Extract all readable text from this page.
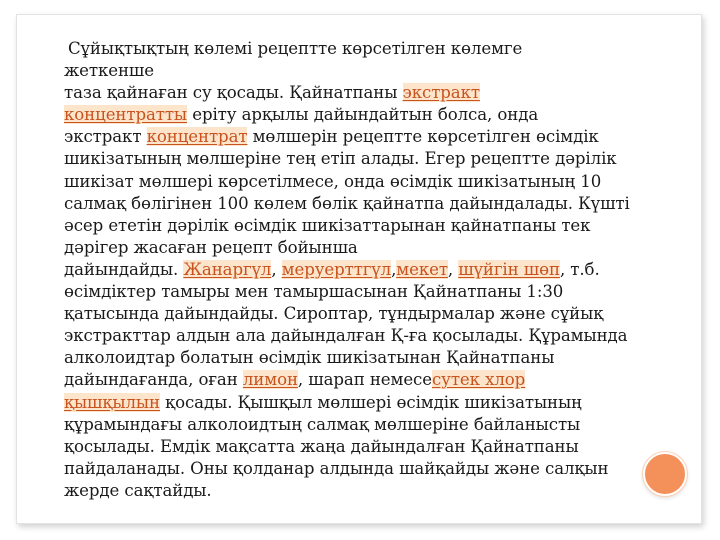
Сұйықтықтың көлемі рецептте көрсетілген көлемге жеткенше
таза қайнаған су қосады. Қайнатпаны экстракт
концентратты еріту арқылы дайындайтын болса, онда
экстракт концентрат мөлшерін рецептте көрсетілген өсімдік
шикізатының мөлшеріне тең етіп алады. Егер рецептте дәрілік
шикізат мөлшері көрсетілмесе, онда өсімдік шикізатының 10
салмақ бөлігінен 100 көлем бөлік қайнатпа дайындалады. Күшті
әсер ететін дәрілік өсімдік шикізаттарынан қайнатпаны тек
дәрігер жасаған рецепт бойынша
дайындайды. Жанаргүл, меруерттгүл,мекет, шүйгін шөп, т.б.
өсімдіктер тамыры мен тамыршасынан Қайнатпаны 1:30
қатысында дайындайды. Сироптар, тұндырмалар және сұйық
экстракттар алдын ала дайындалған Қ-ға қосылады. Құрамында
алколоидтар болатын өсімдік шикізатынан Қайнатпаны
дайындағанда, оған лимон, шарап немесесутек хлор
қышқылын қосады. Қышқыл мөлшері өсімдік шикізатының
құрамындағы алколоидтың салмақ мөлшеріне байланысты
қосылады. Емдік мақсатта жаңа дайындалған Қайнатпаны
пайдаланады. Оны қолданар алдында шайқайды және салқын
жерде сақтайды.
